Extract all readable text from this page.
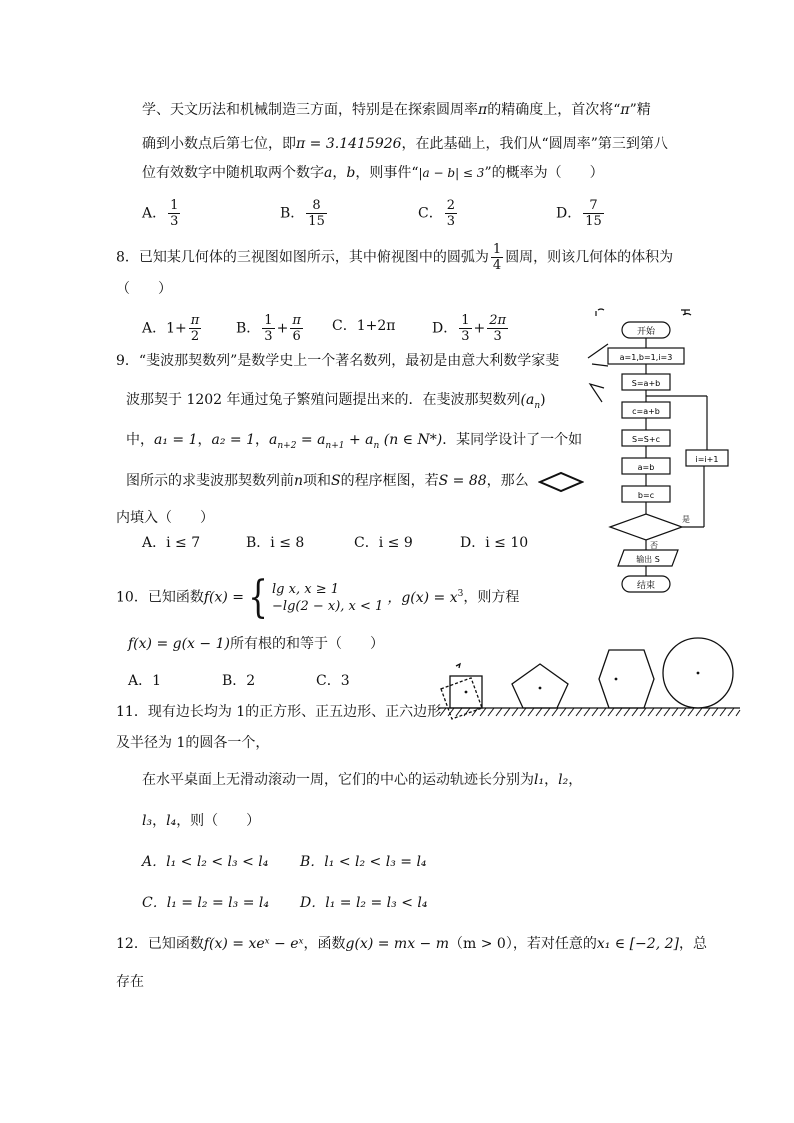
学、天文历法和机械制造三方面，特别是在探索圆周率π的精确度上，首次将“π”精
确到小数点后第七位，即π = 3.1415926，在此基础上，我们从“圆周率”第三到第八
位有效数字中随机取两个数字a，b，则事件“|a − b| ≤ 3”的概率为（　　）
A． $\frac{1}{3}$	B． $\frac{8}{15}$	C． $\frac{2}{3}$	D． $\frac{7}{15}$
8．已知某几何体的三视图如图所示，其中俯视图中的圆弧为 $\frac{1}{4}$ 圆周，则该几何体的体积为
（　　）
A．$1+ \frac{\pi}{2}$ B． $\frac{1}{3} + \frac{\pi}{6}$ C．1+2π	D． $\frac{1}{3} + \frac{2\pi}{3}$
9．“斐波那契数列”是数学史上一个著名数列，最初是由意大利数学家斐
波那契于 1202 年通过兔子繁殖问题提出来的．在斐波那契数列$(a_n)$
中，a₁ = 1，a₂ = 1，$a_{n+2} = a_{n+1} + a_n$ (n ∈ N*)．某同学设计了一个如
图所示的求斐波那契数列前n项和S的程序框图，若S = 88，那么
内填入（　　）
A．i ≤ 7	B．i ≤ 8	C．i ≤ 9	D．i ≤ 10
开始
a=1,b=1,i=3
S=a+b
c=a+b
S=S+c
a=b
b=c
i=i+1
是
否
输出 S
结束
10．已知函数f(x) ={ lg x, x ≥ 1
−lg(2 − x), x < 1
，$g(x) = x^3$，则方程
f(x) = g(x − 1)所有根的和等于（　　）
A．1	B．2	C．3
11．现有边长均为 1的正方形、正五边形、正六边形
及半径为 1的圆各一个，
在水平桌面上无滑动滚动一周，它们的中心的运动轨迹长分别为l₁，l₂，
l₃，l₄，则（　　）
A．l₁ < l₂ < l₃ < l₄ B．l₁ < l₂ < l₃ = l₄
C．l₁ = l₂ = l₃ = l₄ D．l₁ = l₂ = l₃ < l₄
12．已知函数f(x) = xeˣ − eˣ，函数g(x) = mx − m（m > 0），若对任意的x₁ ∈ [−2, 2]，总
存在
